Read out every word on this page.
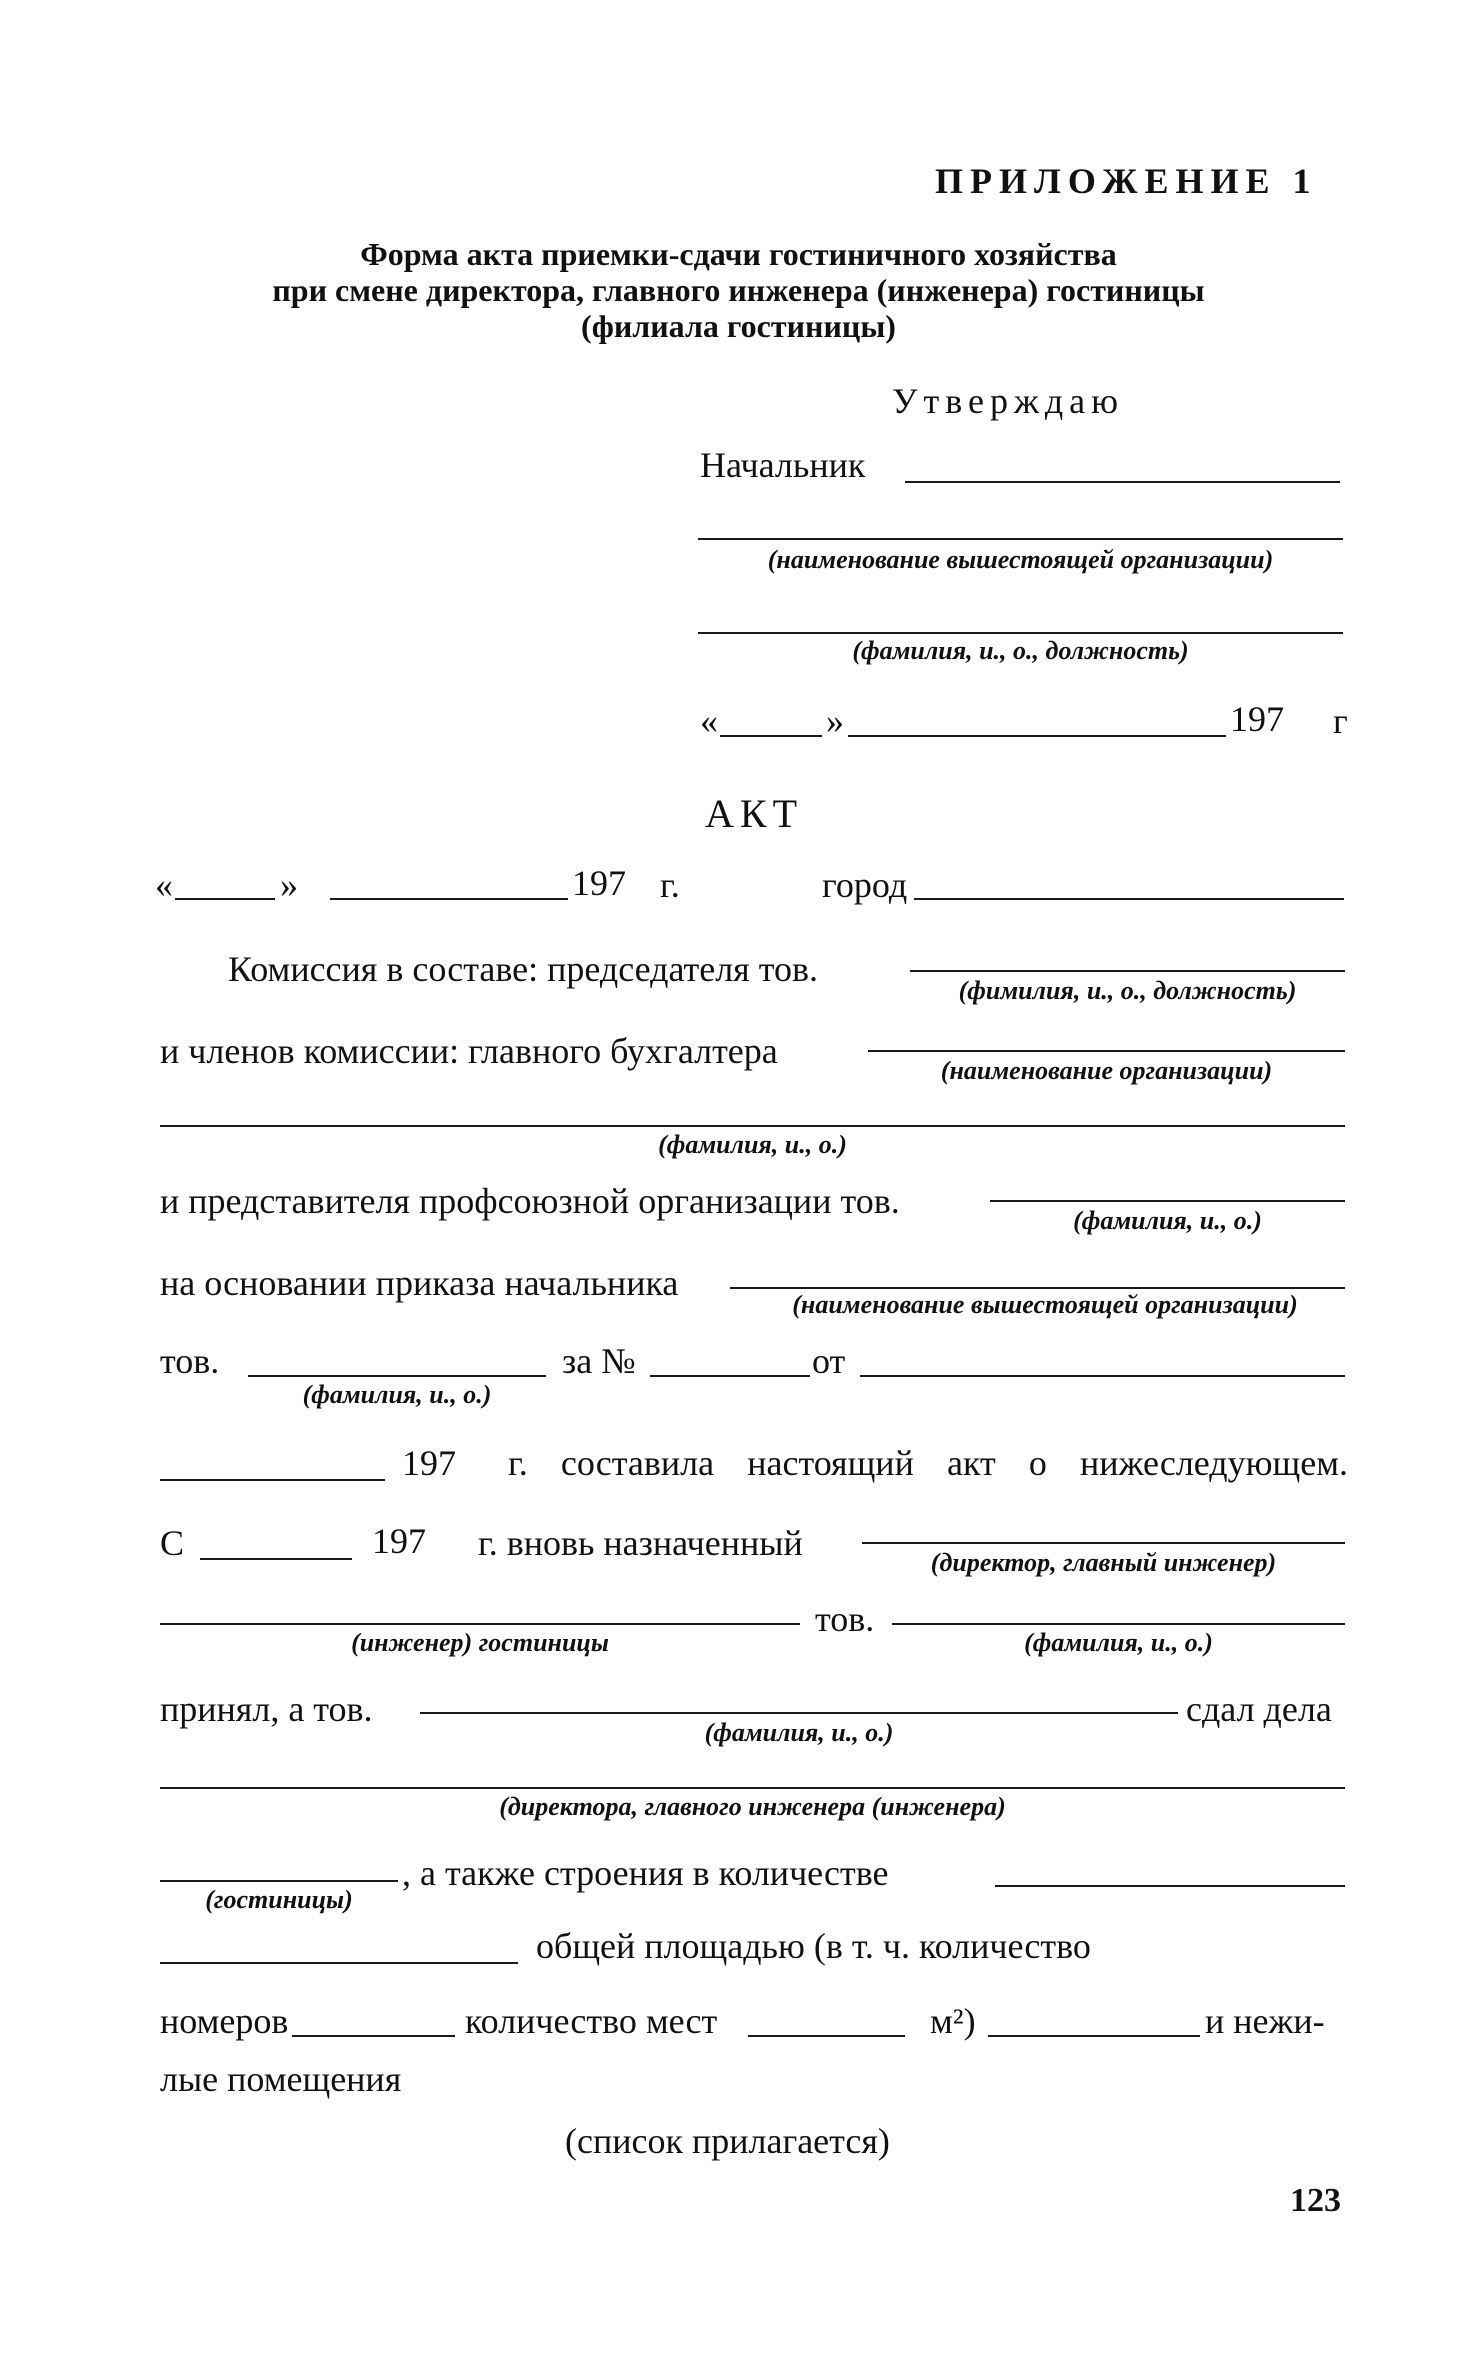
ПРИЛОЖЕНИЕ 1
Форма акта приемки-сдачи гостиничного хозяйства
при смене директора, главного инженера (инженера) гостиницы
(филиала гостиницы)
Утверждаю
Начальник
(наименование вышестоящей организации)
(фамилия, и., о., должность)
«	»	197 г
АКТ
«	»	197 г.	город
Комиссия в составе: председателя тов.
(фимилия, и., о., должность)
и членов комиссии: главного бухгалтера	(наименование организации)
(фамилия, и., о.)
и представителя профсоюзной организации тов.	(фамилия, и., о.)
на основании приказа начальника
(наименование вышестоящей организации)
тов.
(фамилия, и., о.)
за №	от
197 г. составила настоящий акт о нижеследующем.
С	197 г. вновь назначенный	(директор, главный инженер)
(инженер) гостиницы
тов.
(фамилия, и., о.)
принял, а тов.
(фамилия, и., о.)
сдал дела
(директора, главного инженера (инженера)
(гостиницы)
, а также строения в количестве
общей площадью (в т. ч. количество
номеров	количество мест	м²)	и нежи-
лые помещения
(список прилагается)
123
